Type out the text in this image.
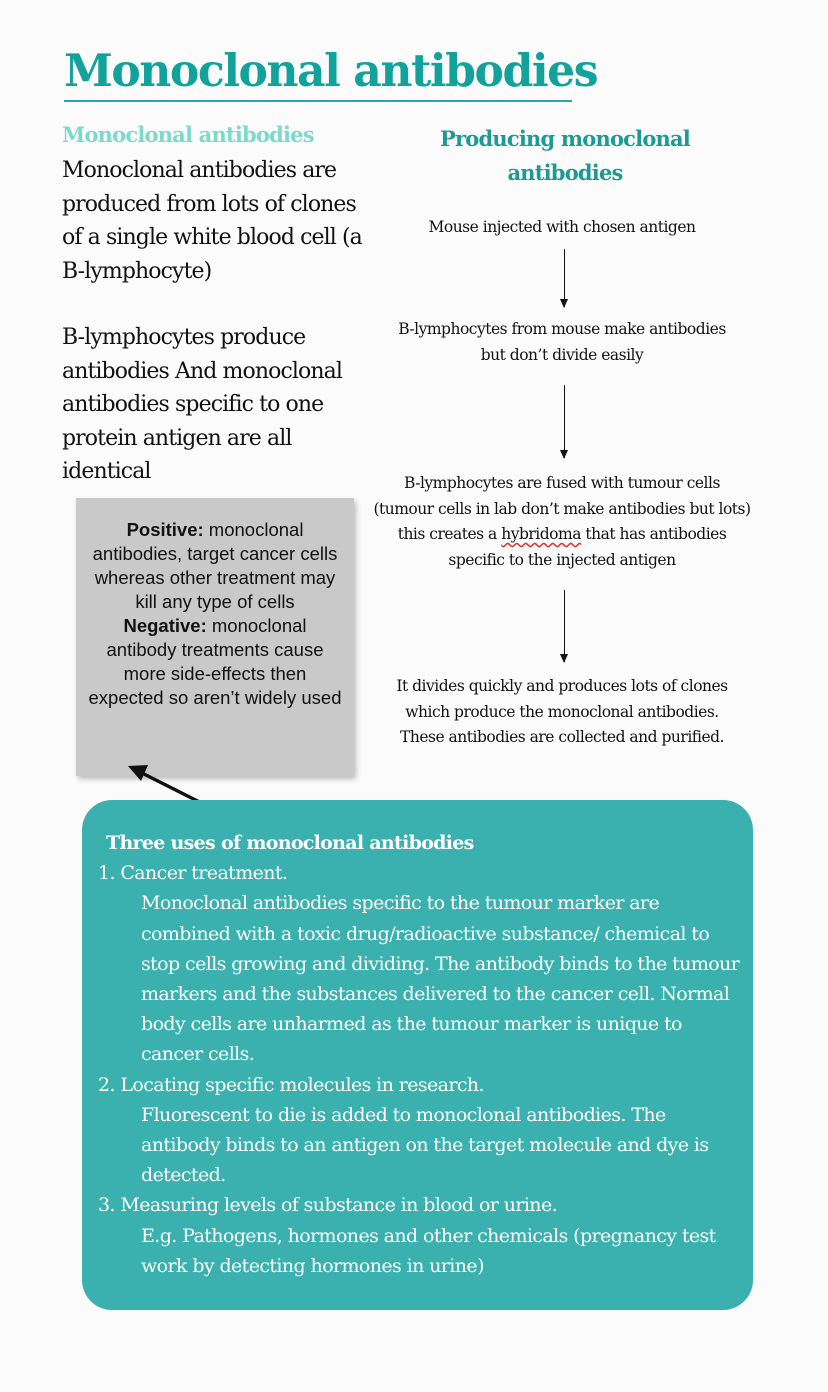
Monoclonal antibodies
Monoclonal antibodies
Monoclonal antibodies are produced from lots of clones of a single white blood cell (a B-lymphocyte)
B-lymphocytes produce antibodies And monoclonal antibodies specific to one protein antigen are all identical
Producing monoclonal antibodies
Mouse injected with chosen antigen
B-lymphocytes from mouse make antibodies but don’t divide easily
B-lymphocytes are fused with tumour cells (tumour cells in lab don’t make antibodies but lots) this creates a hybridoma that has antibodies specific to the injected antigen
It divides quickly and produces lots of clones which produce the monoclonal antibodies. These antibodies are collected and purified.
Positive: monoclonal antibodies, target cancer cells whereas other treatment may kill any type of cells
Negative: monoclonal antibody treatments cause more side-effects then expected so aren’t widely used
Three uses of monoclonal antibodies
1. Cancer treatment.
Monoclonal antibodies specific to the tumour marker are combined with a toxic drug/radioactive substance/ chemical to stop cells growing and dividing. The antibody binds to the tumour markers and the substances delivered to the cancer cell. Normal body cells are unharmed as the tumour marker is unique to cancer cells.
2. Locating specific molecules in research.
Fluorescent to die is added to monoclonal antibodies. The antibody binds to an antigen on the target molecule and dye is detected.
3. Measuring levels of substance in blood or urine.
E.g. Pathogens, hormones and other chemicals (pregnancy test work by detecting hormones in urine)
